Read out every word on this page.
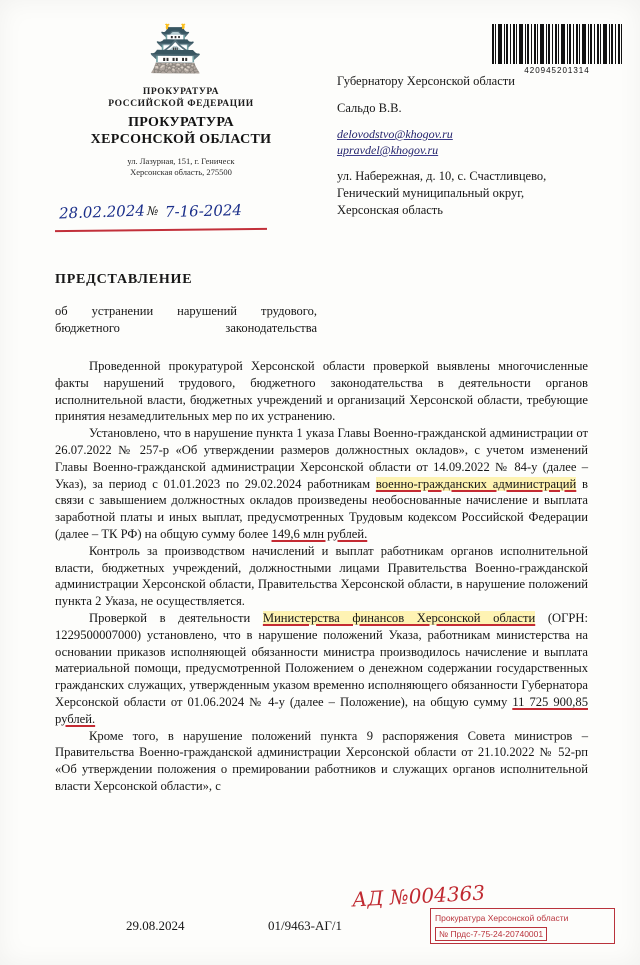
🏯
ПРОКУРАТУРА
РОССИЙСКОЙ ФЕДЕРАЦИИ
ПРОКУРАТУРА
ХЕРСОНСКОЙ ОБЛАСТИ
ул. Лазурная, 151, г. Геническ
Херсонская область, 275500
28.02.2024 № 7-16-2024
420945201314
Губернатору Херсонской области
Сальдо В.В.
delovodstvo@khogov.ru
upravdel@khogov.ru
ул. Набережная, д. 10, с. Счастливцево,
Генический муниципальный округ,
Херсонская область
ПРЕДСТАВЛЕНИЕ
об устранении нарушений трудового, бюджетного законодательства

Проведенной прокуратурой Херсонской области проверкой выявлены многочисленные факты нарушений трудового, бюджетного законодательства в деятельности органов исполнительной власти, бюджетных учреждений и организаций Херсонской области, требующие принятия незамедлительных мер по их устранению.

Установлено, что в нарушение пункта 1 указа Главы Военно-гражданской администрации от 26.07.2022 № 257-р «Об утверждении размеров должностных окладов», с учетом изменений Главы Военно-гражданской администрации Херсонской области от 14.09.2022 № 84-у (далее – Указ), за период с 01.01.2023 по 29.02.2024 работникам военно-гражданских администраций в связи с завышением должностных окладов произведены необоснованные начисление и выплата заработной платы и иных выплат, предусмотренных Трудовым кодексом Российской Федерации (далее – ТК РФ) на общую сумму более 149,6 млн рублей.

Контроль за производством начислений и выплат работникам органов исполнительной власти, бюджетных учреждений, должностными лицами Правительства Военно-гражданской администрации Херсонской области, Правительства Херсонской области, в нарушение положений пункта 2 Указа, не осуществляется.

Проверкой в деятельности Министерства финансов Херсонской области (ОГРН: 1229500007000) установлено, что в нарушение положений Указа, работникам министерства на основании приказов исполняющей обязанности министра производилось начисление и выплата материальной помощи, предусмотренной Положением о денежном содержании государственных гражданских служащих, утвержденным указом временно исполняющего обязанности Губернатора Херсонской области от 01.06.2024 № 4-у (далее – Положение), на общую сумму 11 725 900,85 рублей.

Кроме того, в нарушение положений пункта 9 распоряжения Совета министров – Правительства Военно-гражданской администрации Херсонской области от 21.10.2022 № 52-рп «Об утверждении положения о премировании работников и служащих органов исполнительной власти Херсонской области», с

АД №004363
29.08.2024	01/9463-АГ/1	Прокуратура Херсонской области
№ Прдс-7-75-24-20740001
